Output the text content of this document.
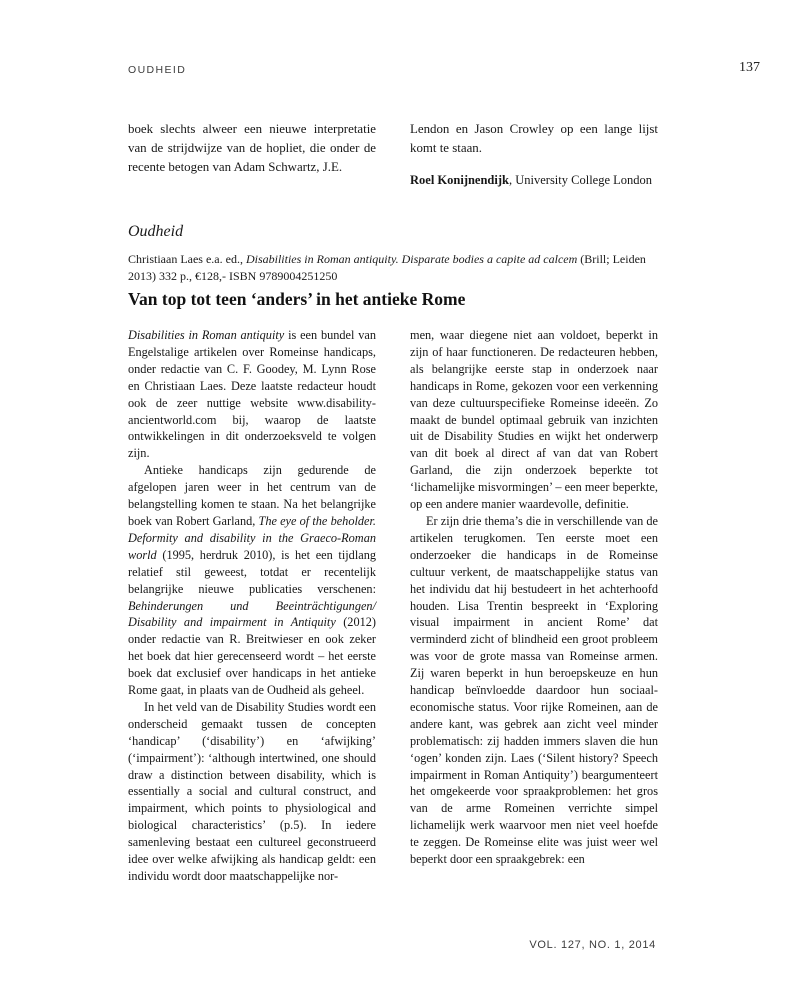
OUDHEID	137

boek slechts alweer een nieuwe interpretatie van de strijdwijze van de hopliet, die onder de recente betogen van Adam Schwartz, J.E.

Lendon en Jason Crowley op een lange lijst komt te staan.

Roel Konijnendijk, University College London
Oudheid
Christiaan Laes e.a. ed., Disabilities in Roman antiquity. Disparate bodies a capite ad calcem (Brill; Leiden 2013) 332 p., €128,- ISBN 9789004251250
Van top tot teen ‘anders’ in het antieke Rome

Disabilities in Roman antiquity is een bundel van Engelstalige artikelen over Romeinse handicaps, onder redactie van C. F. Goodey, M. Lynn Rose en Christiaan Laes. Deze laatste redacteur houdt ook de zeer nuttige website www.disability-ancientworld.com bij, waarop de laatste ontwikkelingen in dit onderzoeksveld te volgen zijn.

Antieke handicaps zijn gedurende de afgelopen jaren weer in het centrum van de belangstelling komen te staan. Na het belangrijke boek van Robert Garland, The eye of the beholder. Deformity and disability in the Graeco-Roman world (1995, herdruk 2010), is het een tijdlang relatief stil geweest, totdat er recentelijk belangrijke nieuwe publicaties verschenen: Behinderungen und Beeinträchtigungen/ Disability and impairment in Antiquity (2012) onder redactie van R. Breitwieser en ook zeker het boek dat hier gerecenseerd wordt – het eerste boek dat exclusief over handicaps in het antieke Rome gaat, in plaats van de Oudheid als geheel.

In het veld van de Disability Studies wordt een onderscheid gemaakt tussen de concepten ‘handicap’ (‘disability’) en ‘afwijking’ (‘impairment’): ‘although intertwined, one should draw a distinction between disability, which is essentially a social and cultural construct, and impairment, which points to physiological and biological characteristics’ (p.5). In iedere samenleving bestaat een cultureel geconstrueerd idee over welke afwijking als handicap geldt: een individu wordt door maatschappelijke nor-

men, waar diegene niet aan voldoet, beperkt in zijn of haar functioneren. De redacteuren hebben, als belangrijke eerste stap in onderzoek naar handicaps in Rome, gekozen voor een verkenning van deze cultuurspecifieke Romeinse ideeën. Zo maakt de bundel optimaal gebruik van inzichten uit de Disability Studies en wijkt het onderwerp van dit boek al direct af van dat van Robert Garland, die zijn onderzoek beperkte tot ‘lichamelijke misvormingen’ – een meer beperkte, op een andere manier waardevolle, definitie.

Er zijn drie thema’s die in verschillende van de artikelen terugkomen. Ten eerste moet een onderzoeker die handicaps in de Romeinse cultuur verkent, de maatschappelijke status van het individu dat hij bestudeert in het achterhoofd houden. Lisa Trentin bespreekt in ‘Exploring visual impairment in ancient Rome’ dat verminderd zicht of blindheid een groot probleem was voor de grote massa van Romeinse armen. Zij waren beperkt in hun beroepskeuze en hun handicap beïnvloedde daardoor hun sociaal-economische status. Voor rijke Romeinen, aan de andere kant, was gebrek aan zicht veel minder problematisch: zij hadden immers slaven die hun ‘ogen’ konden zijn. Laes (‘Silent history? Speech impairment in Roman Antiquity’) beargumenteert het omgekeerde voor spraakproblemen: het gros van de arme Romeinen verrichte simpel lichamelijk werk waarvoor men niet veel hoefde te zeggen. De Romeinse elite was juist weer wel beperkt door een spraakgebrek: een

VOL. 127, NO. 1, 2014
